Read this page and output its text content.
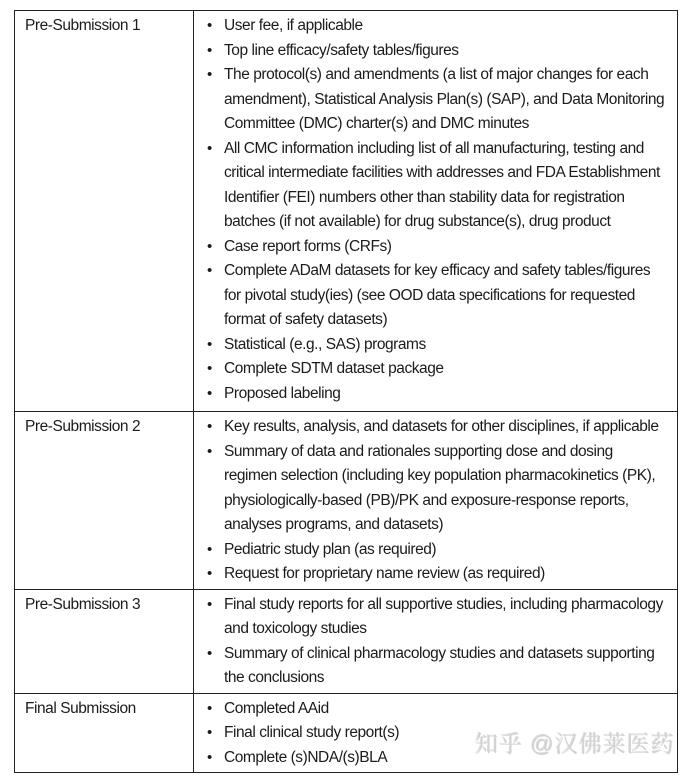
Pre-Submission 1	
•User fee, if applicable
• Top line efficacy/safety tables/figures
• The protocol(s) and amendments (a list of major changes for each amendment), Statistical Analysis Plan(s) (SAP), and Data Monitoring Committee (DMC) charter(s) and DMC minutes
• All CMC information including list of all manufacturing, testing and critical intermediate facilities with addresses and FDA Establishment Identifier (FEI) numbers other than stability data for registration batches (if not available) for drug substance(s), drug product
• Case report forms (CRFs)
• Complete ADaM datasets for key efficacy and safety tables/figures for pivotal study(ies) (see OOD data specifications for requested format of safety datasets)
• Statistical (e.g., SAS) programs
• Complete SDTM dataset package
• Proposed labeling

Pre-Submission 2	
•Key results, analysis, and datasets for other disciplines, if applicable
• Summary of data and rationales supporting dose and dosing regimen selection (including key population pharmacokinetics (PK), physiologically-based (PB)/PK and exposure-response reports, analyses programs, and datasets)
• Pediatric study plan (as required)
• Request for proprietary name review (as required)

Pre-Submission 3	
•Final study reports for all supportive studies, including pharmacology and toxicology studies
• Summary of clinical pharmacology studies and datasets supporting the conclusions

Final Submission	
•Completed AAid
• Final clinical study report(s)
• Complete (s)NDA/(s)BLA	知乎 @汉佛莱医药
